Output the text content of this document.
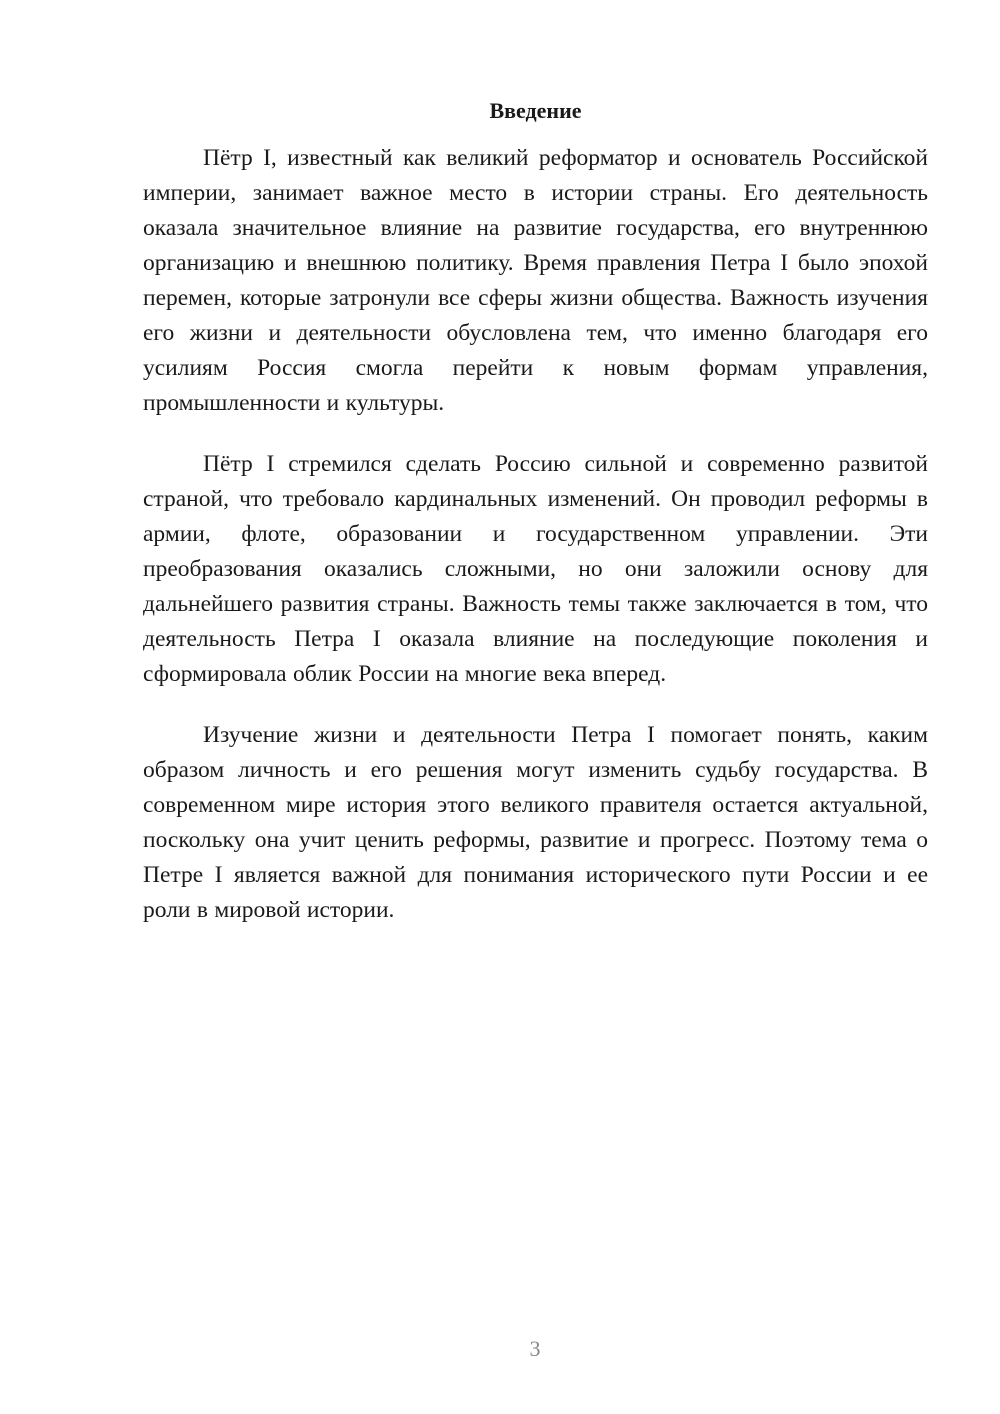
Введение

Пётр I, известный как великий реформатор и основатель Российской империи, занимает важное место в истории страны. Его деятельность оказала значительное влияние на развитие государства, его внутреннюю организацию и внешнюю политику. Время правления Петра I было эпохой перемен, которые затронули все сферы жизни общества. Важность изучения его жизни и деятельности обусловлена тем, что именно благодаря его усилиям Россия смогла перейти к новым формам управления, промышленности и культуры.

Пётр I стремился сделать Россию сильной и современно развитой страной, что требовало кардинальных изменений. Он проводил реформы в армии, флоте, образовании и государственном управлении. Эти преобразования оказались сложными, но они заложили основу для дальнейшего развития страны. Важность темы также заключается в том, что деятельность Петра I оказала влияние на последующие поколения и сформировала облик России на многие века вперед.

Изучение жизни и деятельности Петра I помогает понять, каким образом личность и его решения могут изменить судьбу государства. В современном мире история этого великого правителя остается актуальной, поскольку она учит ценить реформы, развитие и прогресс. Поэтому тема о Петре I является важной для понимания исторического пути России и ее роли в мировой истории.

3
